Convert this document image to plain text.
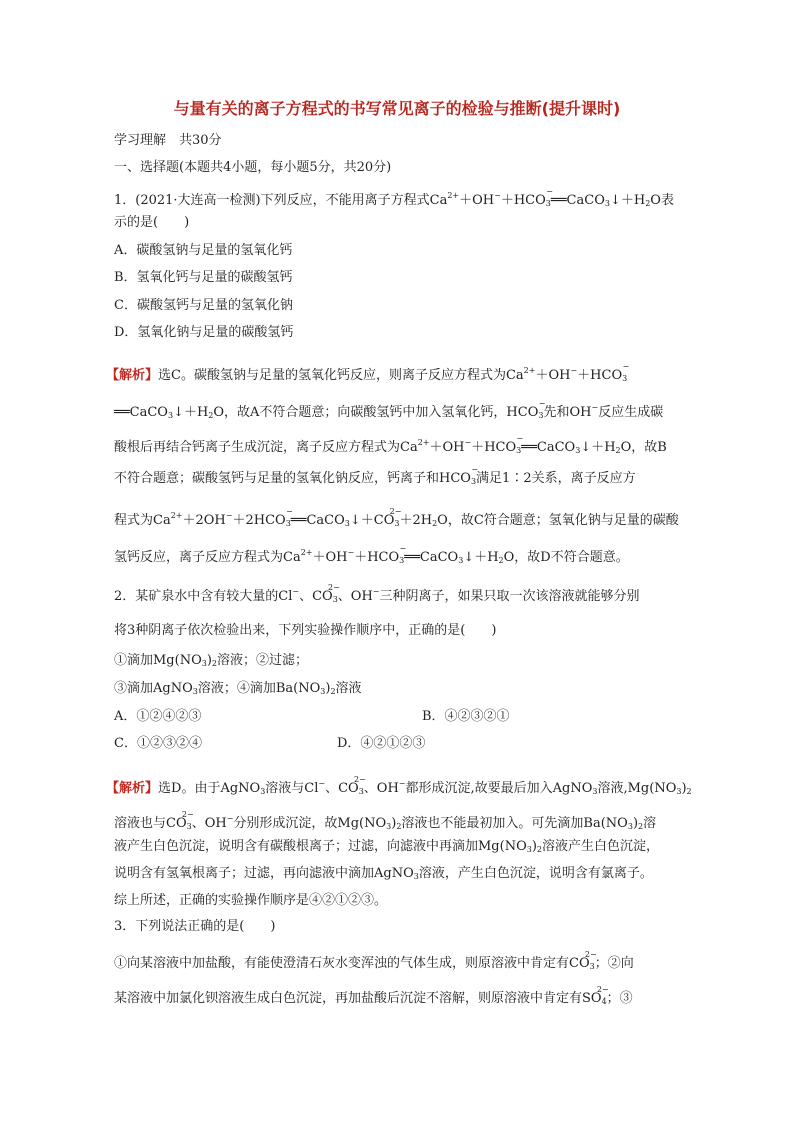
与量有关的离子方程式的书写常见离子的检验与推断(提升课时)
学习理解　共30分
一、选择题(本题共4小题，每小题5分，共20分)
1．(2021·大连高一检测)下列反应，不能用离子方程式$Ca^{2+}+OH^-+HCO_3$
−
$══CaCO_3↓+H_2O$表
示的是(　　)
A．碳酸氢钠与足量的氢氧化钙
B．氢氧化钙与足量的碳酸氢钙
C．碳酸氢钙与足量的氢氧化钠
D．氢氧化钠与足量的碳酸氢钙
【解析】选C。碳酸氢钠与足量的氢氧化钙反应，则离子反应方程式为$Ca^{2+}+OH^-+HCO_3$
−
$══CaCO_3↓+H_2O$，故A不符合题意；向碳酸氢钙中加入氢氧化钙，$HCO_3$
−
先和OH−反应生成碳
酸根后再结合钙离子生成沉淀，离子反应方程式为$Ca^{2+}+OH^-+HCO_3$
−
$══CaCO_3↓+H_2O$，故B
不符合题意；碳酸氢钙与足量的氢氧化钠反应，钙离子和$HCO_3$
−
满足1∶2关系，离子反应方
程式为$Ca^{2+}+2OH^-+2HCO_3$
−
$══CaCO_3↓+CO_3$
2−
$+2H_2O$，故C符合题意；氢氧化钠与足量的碳酸
氢钙反应，离子反应方程式为$Ca^{2+}+OH^-+HCO_3$
−
$══CaCO_3↓+H_2O$，故D不符合题意。
2．某矿泉水中含有较大量的Cl−、$CO_3$
2−
、OH−三种阴离子，如果只取一次该溶液就能够分别
将3种阴离子依次检验出来，下列实验操作顺序中，正确的是(　　)
①滴加$Mg(NO_3)_2$溶液；②过滤；
③滴加AgNO$_3$溶液；④滴加$Ba(NO_3)_2$溶液
A．①②④②③	B．④②③②①
C．①②③②④	D．④②①②③
【解析】选D。由于AgNO$_3$溶液与Cl−、$CO_3$
2−
、OH−都形成沉淀,故要最后加入AgNO$_3$溶液$,Mg(NO_3)_2$
溶液也与$CO_3$
2−
、OH−分别形成沉淀，故$Mg(NO_3)_2$溶液也不能最初加入。可先滴加$Ba(NO_3)_2$溶
液产生白色沉淀，说明含有碳酸根离子；过滤，向滤液中再滴加$Mg(NO_3)_2$溶液产生白色沉淀，
说明含有氢氧根离子；过滤，再向滤液中滴加AgNO$_3$溶液，产生白色沉淀，说明含有氯离子。
综上所述，正确的实验操作顺序是④②①②③。
3．下列说法正确的是(　　)
①向某溶液中加盐酸，有能使澄清石灰水变浑浊的气体生成，则原溶液中肯定有$CO_3$
2−
；②向
某溶液中加氯化钡溶液生成白色沉淀，再加盐酸后沉淀不溶解，则原溶液中肯定有$SO_4$
2−
；③
